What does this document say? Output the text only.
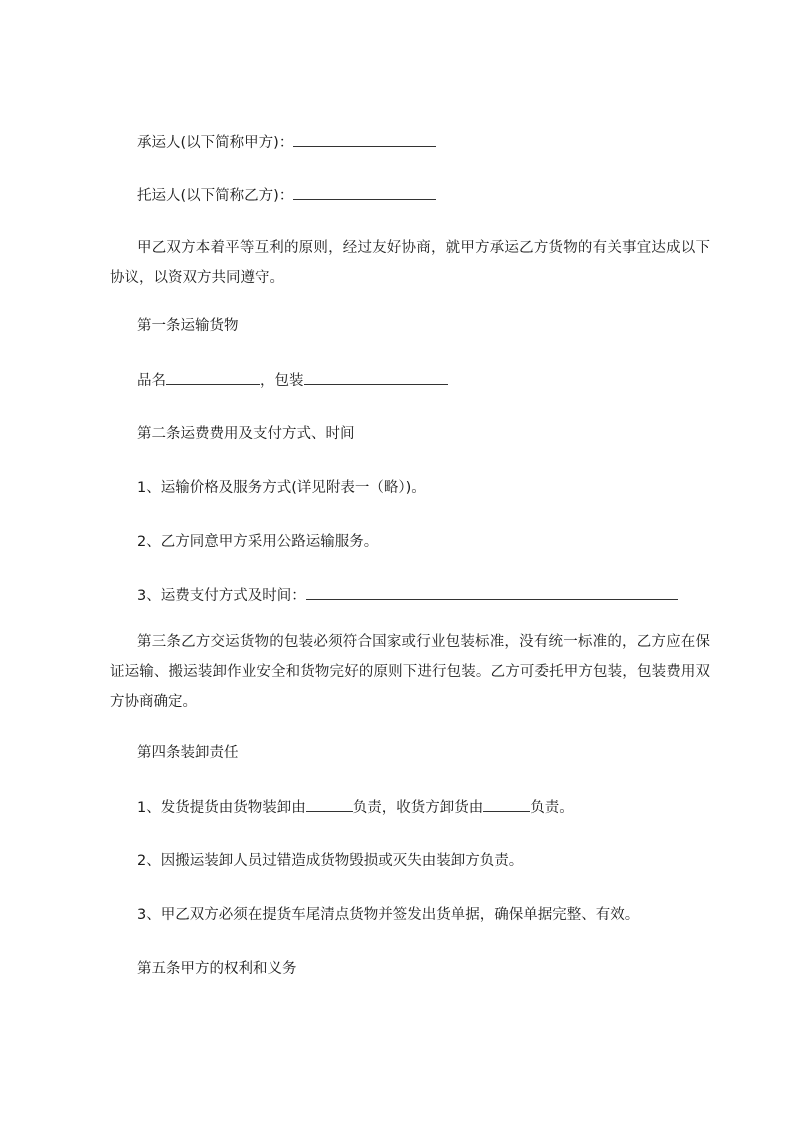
承运人(以下简称甲方)：
托运人(以下简称乙方)：
甲乙双方本着平等互利的原则，经过友好协商，就甲方承运乙方货物的有关事宜达成以下协议，以资双方共同遵守。
第一条运输货物
品名	，包装
第二条运费费用及支付方式、时间
1、运输价格及服务方式(详见附表一（略）)。
2、乙方同意甲方采用公路运输服务。
3、运费支付方式及时间：
第三条乙方交运货物的包装必须符合国家或行业包装标准，没有统一标准的，乙方应在保证运输、搬运装卸作业安全和货物完好的原则下进行包装。乙方可委托甲方包装，包装费用双方协商确定。
第四条装卸责任
1、发货提货由货物装卸由	负责，收货方卸货由	负责。
2、因搬运装卸人员过错造成货物毁损或灭失由装卸方负责。
3、甲乙双方必须在提货车尾清点货物并签发出货单据，确保单据完整、有效。
第五条甲方的权利和义务
